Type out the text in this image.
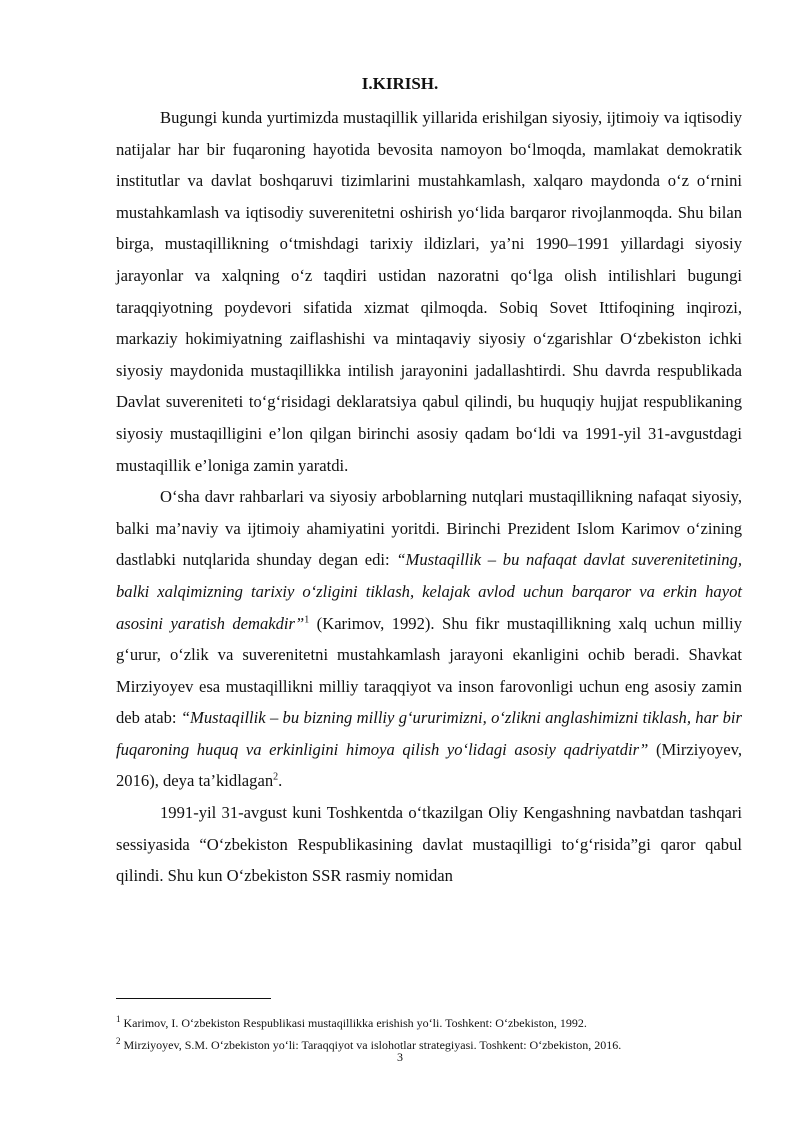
I.KIRISH.

Bugungi kunda yurtimizda mustaqillik yillarida erishilgan siyosiy, ijtimoiy va iqtisodiy natijalar har bir fuqaroning hayotida bevosita namoyon bo‘lmoqda, mamlakat demokratik institutlar va davlat boshqaruvi tizimlarini mustahkamlash, xalqaro maydonda o‘z o‘rnini mustahkamlash va iqtisodiy suverenitetni oshirish yo‘lida barqaror rivojlanmoqda. Shu bilan birga, mustaqillikning o‘tmishdagi tarixiy ildizlari, ya’ni 1990–1991 yillardagi siyosiy jarayonlar va xalqning o‘z taqdiri ustidan nazoratni qo‘lga olish intilishlari bugungi taraqqiyotning poydevori sifatida xizmat qilmoqda. Sobiq Sovet Ittifoqining inqirozi, markaziy hokimiyatning zaiflashishi va mintaqaviy siyosiy o‘zgarishlar O‘zbekiston ichki siyosiy maydonida mustaqillikka intilish jarayonini jadallashtirdi. Shu davrda respublikada Davlat suvereniteti to‘g‘risidagi deklaratsiya qabul qilindi, bu huquqiy hujjat respublikaning siyosiy mustaqilligini e’lon qilgan birinchi asosiy qadam bo‘ldi va 1991-yil 31-avgustdagi mustaqillik e’loniga zamin yaratdi.

O‘sha davr rahbarlari va siyosiy arboblarning nutqlari mustaqillikning nafaqat siyosiy, balki ma’naviy va ijtimoiy ahamiyatini yoritdi. Birinchi Prezident Islom Karimov o‘zining dastlabki nutqlarida shunday degan edi: “Mustaqillik – bu nafaqat davlat suverenitetining, balki xalqimizning tarixiy o‘zligini tiklash, kelajak avlod uchun barqaror va erkin hayot asosini yaratish demakdir”$^1$ (Karimov, 1992). Shu fikr mustaqillikning xalq uchun milliy g‘urur, o‘zlik va suverenitetni mustahkamlash jarayoni ekanligini ochib beradi. Shavkat Mirziyoyev esa mustaqillikni milliy taraqqiyot va inson farovonligi uchun eng asosiy zamin deb atab: “Mustaqillik – bu bizning milliy g‘ururimizni, o‘zlikni anglashimizni tiklash, har bir fuqaroning huquq va erkinligini himoya qilish yo‘lidagi asosiy qadriyatdir” (Mirziyoyev, 2016), deya ta’kidlagan$^2$.

1991-yil 31-avgust kuni Toshkentda o‘tkazilgan Oliy Kengashning navbatdan tashqari sessiyasida “O‘zbekiston Respublikasining davlat mustaqilligi to‘g‘risida”gi qaror qabul qilindi. Shu kun O‘zbekiston SSR rasmiy nomidan

$^1$ Karimov, I. O‘zbekiston Respublikasi mustaqillikka erishish yo‘li. Toshkent: O‘zbekiston, 1992.
$^2$ Mirziyoyev, S.M. O‘zbekiston yo‘li: Taraqqiyot va islohotlar strategiyasi. Toshkent: O‘zbekiston, 2016.
3
